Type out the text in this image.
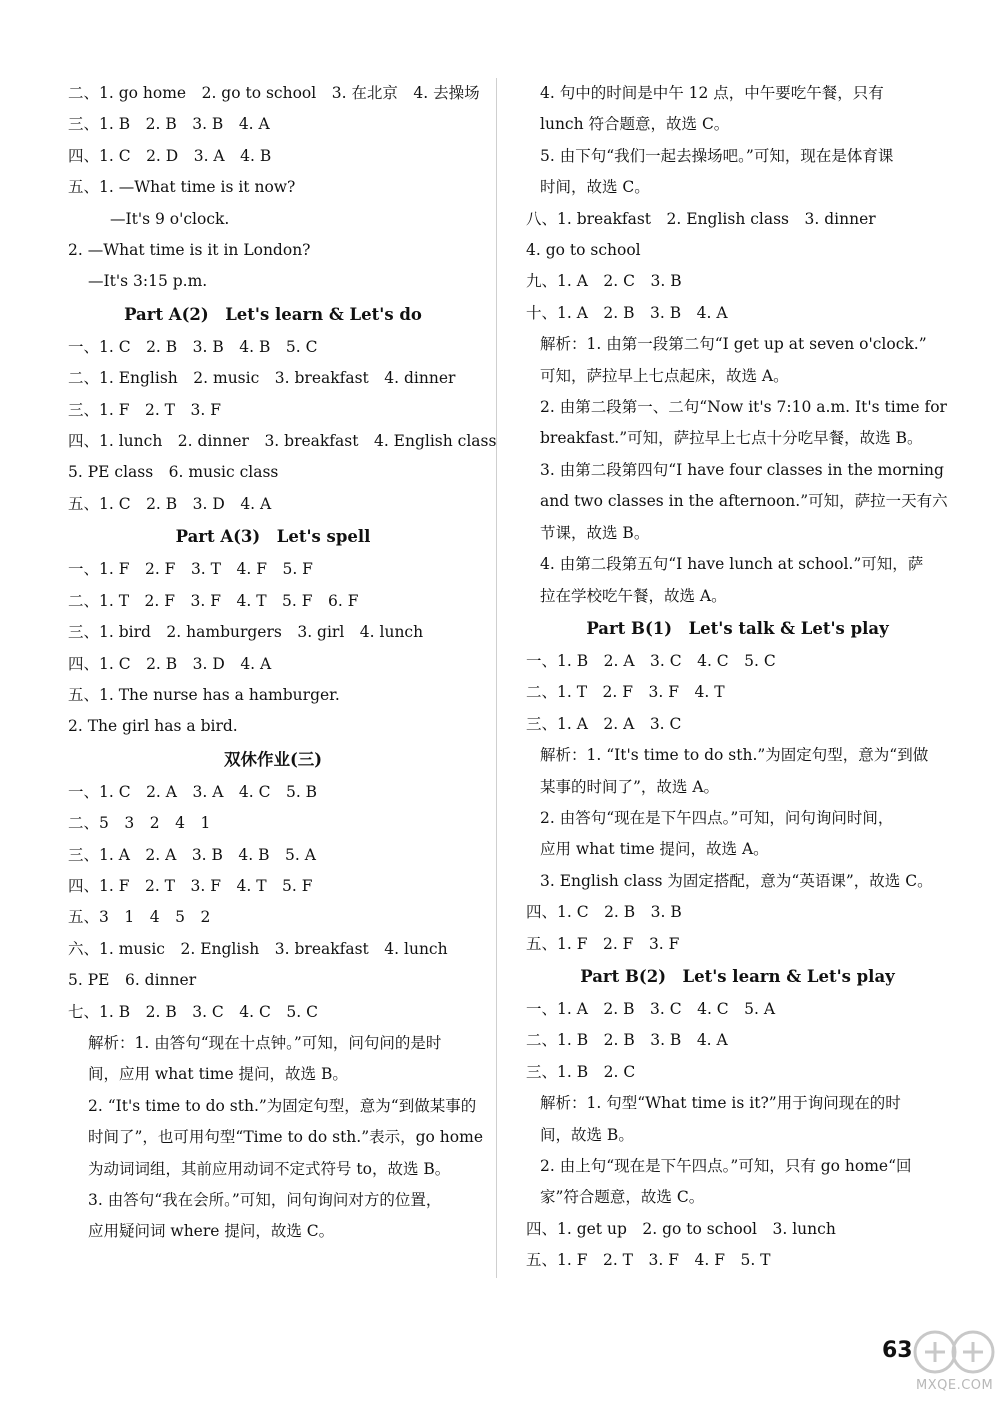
二、1. go home　2. go to school　3. 在北京　4. 去操场
三、1. B　2. B　3. B　4. A
四、1. C　2. D　3. A　4. B
五、1. —What time is it now?
—It's 9 o'clock.
2. —What time is it in London?
—It's 3:15 p.m.
Part A(2)　Let's learn & Let's do
一、1. C　2. B　3. B　4. B　5. C
二、1. English　2. music　3. breakfast　4. dinner
三、1. F　2. T　3. F
四、1. lunch　2. dinner　3. breakfast　4. English class
5. PE class　6. music class
五、1. C　2. B　3. D　4. A
Part A(3)　Let's spell
一、1. F　2. F　3. T　4. F　5. F
二、1. T　2. F　3. F　4. T　5. F　6. F
三、1. bird　2. hamburgers　3. girl　4. lunch
四、1. C　2. B　3. D　4. A
五、1. The nurse has a hamburger.
2. The girl has a bird.
双休作业(三)
一、1. C　2. A　3. A　4. C　5. B
二、5　3　2　4　1
三、1. A　2. A　3. B　4. B　5. A
四、1. F　2. T　3. F　4. T　5. F
五、3　1　4　5　2
六、1. music　2. English　3. breakfast　4. lunch
5. PE　6. dinner
七、1. B　2. B　3. C　4. C　5. C
解析：1. 由答句“现在十点钟。”可知，问句问的是时
间，应用 what time 提问，故选 B。
2. “It's time to do sth.”为固定句型，意为“到做某事的
时间了”，也可用句型“Time to do sth.”表示，go home
为动词词组，其前应用动词不定式符号 to，故选 B。
3. 由答句“我在会所。”可知，问句询问对方的位置，
应用疑问词 where 提问，故选 C。
4. 句中的时间是中午 12 点，中午要吃午餐，只有
lunch 符合题意，故选 C。
5. 由下句“我们一起去操场吧。”可知，现在是体育课
时间，故选 C。
八、1. breakfast　2. English class　3. dinner
4. go to school
九、1. A　2. C　3. B
十、1. A　2. B　3. B　4. A
解析：1. 由第一段第二句“I get up at seven o'clock.”
可知，萨拉早上七点起床，故选 A。
2. 由第二段第一、二句“Now it's 7:10 a.m. It's time for
breakfast.”可知，萨拉早上七点十分吃早餐，故选 B。
3. 由第二段第四句“I have four classes in the morning
and two classes in the afternoon.”可知，萨拉一天有六
节课，故选 B。
4. 由第二段第五句“I have lunch at school.”可知，萨
拉在学校吃午餐，故选 A。
Part B(1)　Let's talk & Let's play
一、1. B　2. A　3. C　4. C　5. C
二、1. T　2. F　3. F　4. T
三、1. A　2. A　3. C
解析：1. “It's time to do sth.”为固定句型，意为“到做
某事的时间了”，故选 A。
2. 由答句“现在是下午四点。”可知，问句询问时间，
应用 what time 提问，故选 A。
3. English class 为固定搭配，意为“英语课”，故选 C。
四、1. C　2. B　3. B
五、1. F　2. F　3. F
Part B(2)　Let's learn & Let's play
一、1. A　2. B　3. C　4. C　5. A
二、1. B　2. B　3. B　4. A
三、1. B　2. C
解析：1. 句型“What time is it?”用于询问现在的时
间，故选 B。
2. 由上句“现在是下午四点。”可知，只有 go home“回
家”符合题意，故选 C。
四、1. get up　2. go to school　3. lunch
五、1. F　2. T　3. F　4. F　5. T
63
MXQE.COM
